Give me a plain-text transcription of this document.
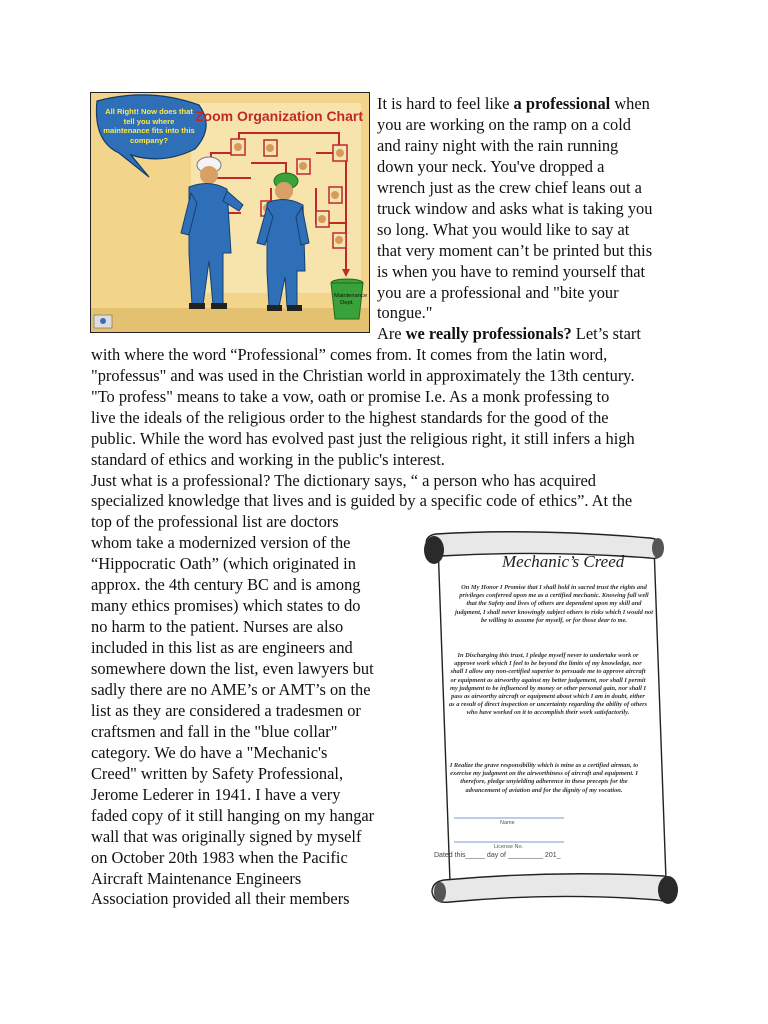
All Right! Now does that tell you where maintenance fits into this company?
Zoom Organization Chart
Maintenance Dept.

It is hard to feel like a professional when

you are working on the ramp on a cold

and rainy night with the rain running

down your neck. You've dropped a

wrench just as the crew chief leans out a

truck window and asks what is taking you

so long. What you would like to say at

that very moment can’t be printed but this

is when you have to remind yourself that

you are a professional and "bite your

tongue."

Are we really professionals? Let’s start

with where the word “Professional” comes from. It comes from the latin word,

"professus" and was used in the Christian world in approximately the 13th century.

"To profess" means to take a vow, oath or promise I.e. As a monk professing to

live the ideals of the religious order to the highest standards for the good of the

public. While the word has evolved past just the religious right, it still infers a high

standard of ethics and working in the public's interest.

Just what is a professional? The dictionary says, “ a person who has acquired

specialized knowledge that lives and is guided by a specific code of ethics”. At the

top of the professional list are doctors

whom take a modernized version of the

“Hippocratic Oath” (which originated in

approx. the 4th century BC and is among

many ethics promises) which states to do

no harm to the patient. Nurses are also

included in this list as are engineers and

somewhere down the list, even lawyers but

sadly there are no AME’s or AMT’s on the

list as they are considered a tradesmen or

craftsmen and fall in the "blue collar"

category. We do have a "Mechanic's

Creed" written by Safety Professional,

Jerome Lederer in 1941. I have a very

faded copy of it still hanging on my hangar

wall that was originally signed by myself

on October 20th 1983 when the Pacific

Aircraft Maintenance Engineers

Association provided all their members

Mechanic’s Creed

On My Honor I Promise that I shall hold in sacred trust the rights and privileges conferred upon me as a certified mechanic. Knowing full well that the Safety and lives of others are dependent upon my skill and judgment, I shall never knowingly subject others to risks which I would not be willing to assume for myself, or for those dear to me.

In Discharging this trust, I pledge myself never to undertake work or approve work which I feel to be beyond the limits of my knowledge, nor shall I allow any non-certified superior to persuade me to approve aircraft or equipment as airworthy against my better judgement, nor shall I permit my judgment to be influenced by money or other personal gain, nor shall I pass as airworthy aircraft or equipment about which I am in doubt, either as a result of direct inspection or uncertainty regarding the ability of others who have worked on it to accomplish their work satisfactorily.

I Realize the grave responsibility which is mine as a certified airman, to exercise my judgment on the airworthiness of aircraft and equipment. I therefore, pledge unyielding adherence in these precepts for the advancement of aviation and for the dignity of my vocation.

Name
License No.
Dated this_____ day of _________ 201_
